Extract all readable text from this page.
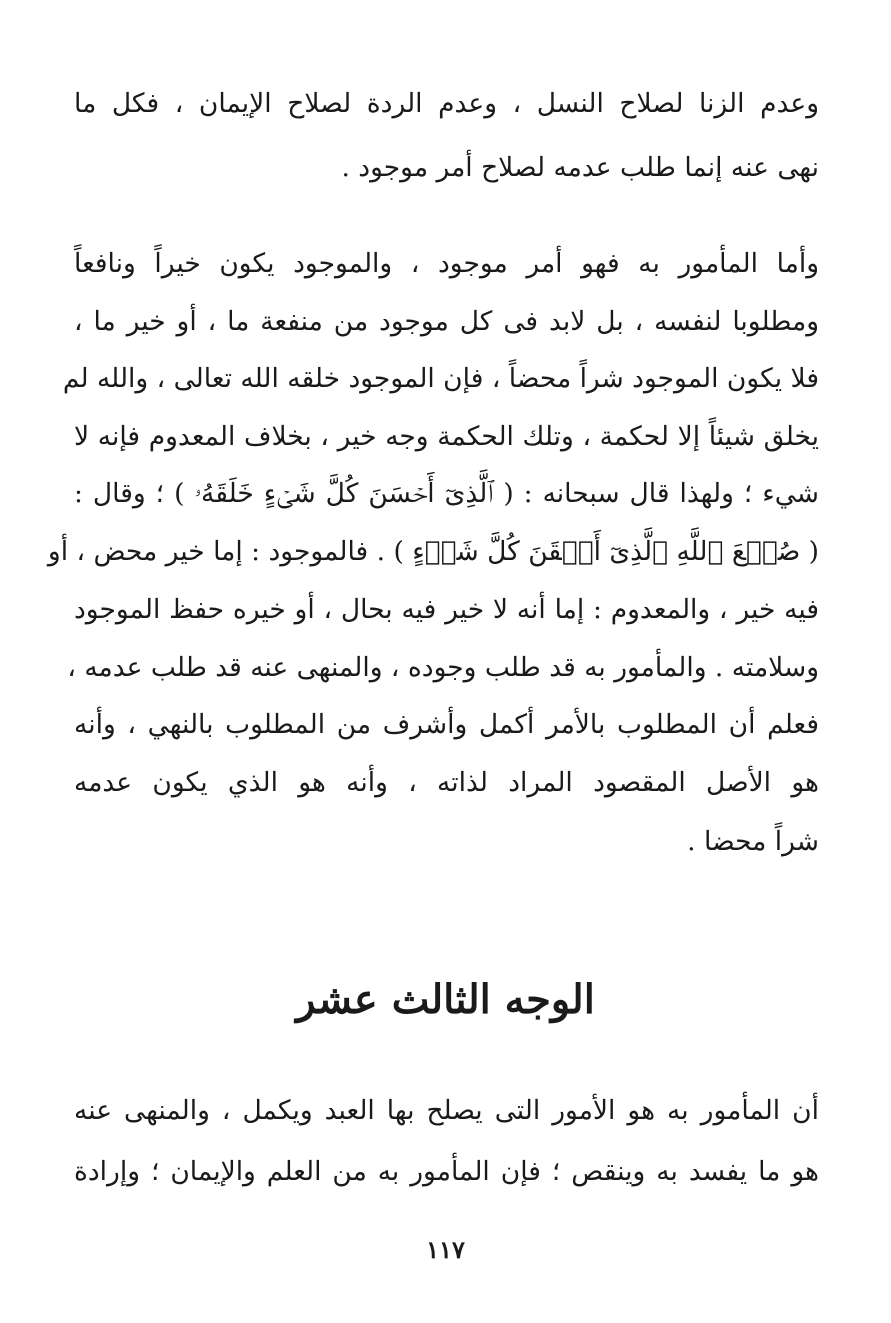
وعدم الزنا لصلاح النسل ، وعدم الردة لصلاح الإيمان ، فكل ما
نهى عنه إنما طلب عدمه لصلاح أمر موجود .
وأما المأمور به فهو أمر موجود ، والموجود يكون خيراً ونافعاً
ومطلوبا لنفسه ، بل لابد فى كل موجود من منفعة ما ، أو خير ما ،
فلا يكون الموجود شراً محضاً ، فإن الموجود خلقه الله تعالى ، والله لم
يخلق شيئاً إلا لحكمة ، وتلك الحكمة وجه خير ، بخلاف المعدوم فإنه لا
شيء ؛ ولهذا قال سبحانه : ( ٱلَّذِىٓ أَحۡسَنَ كُلَّ شَىۡءٍ خَلَقَهُۥ ) ؛ وقال :
( صُنۡعَ ٱللَّهِ ٱلَّذِىٓ أَتۡقَنَ كُلَّ شَىۡءٍ ) . فالموجود : إما خير محض ، أو
فيه خير ، والمعدوم : إما أنه لا خير فيه بحال ، أو خيره حفظ الموجود
وسلامته . والمأمور به قد طلب وجوده ، والمنهى عنه قد طلب عدمه ،
فعلم أن المطلوب بالأمر أكمل وأشرف من المطلوب بالنهي ، وأنه
هو الأصل المقصود المراد لذاته ، وأنه هو الذي يكون عدمه
شراً محضا .
الوجه الثالث عشر
أن المأمور به هو الأمور التى يصلح بها العبد ويكمل ، والمنهى عنه
هو ما يفسد به وينقص ؛ فإن المأمور به من العلم والإيمان ؛ وإرادة
١١٧
